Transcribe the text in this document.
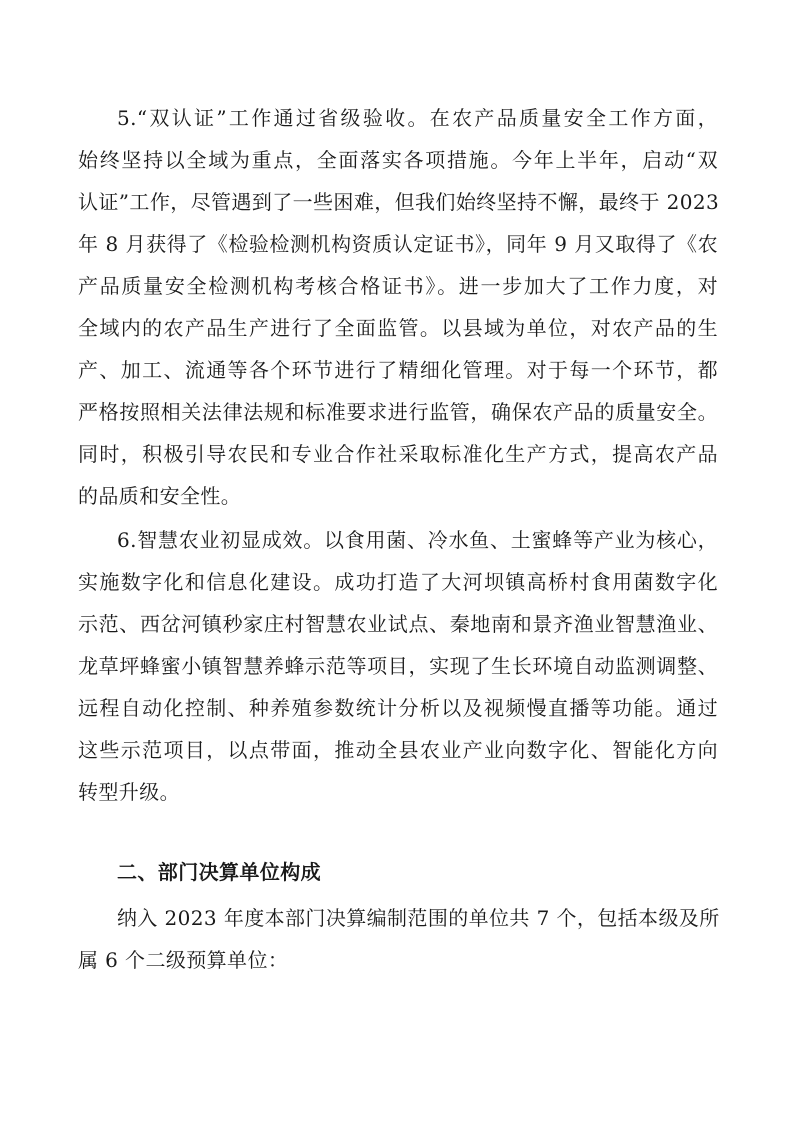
5.“双认证”工作通过省级验收。在农产品质量安全工作方面，
始终坚持以全域为重点，全面落实各项措施。今年上半年，启动“双
认证”工作，尽管遇到了一些困难，但我们始终坚持不懈，最终于 2023
年 8 月获得了《检验检测机构资质认定证书》，同年 9 月又取得了《农
产品质量安全检测机构考核合格证书》。进一步加大了工作力度，对
全域内的农产品生产进行了全面监管。以县域为单位，对农产品的生
产、加工、流通等各个环节进行了精细化管理。对于每一个环节，都
严格按照相关法律法规和标准要求进行监管，确保农产品的质量安全。
同时，积极引导农民和专业合作社采取标准化生产方式，提高农产品
的品质和安全性。
6.智慧农业初显成效。以食用菌、冷水鱼、土蜜蜂等产业为核心，
实施数字化和信息化建设。成功打造了大河坝镇高桥村食用菌数字化
示范、西岔河镇秒家庄村智慧农业试点、秦地南和景齐渔业智慧渔业、
龙草坪蜂蜜小镇智慧养蜂示范等项目，实现了生长环境自动监测调整、
远程自动化控制、种养殖参数统计分析以及视频慢直播等功能。通过
这些示范项目，以点带面，推动全县农业产业向数字化、智能化方向
转型升级。
二、部门决算单位构成
纳入 2023 年度本部门决算编制范围的单位共 7 个，包括本级及所
属 6 个二级预算单位：
